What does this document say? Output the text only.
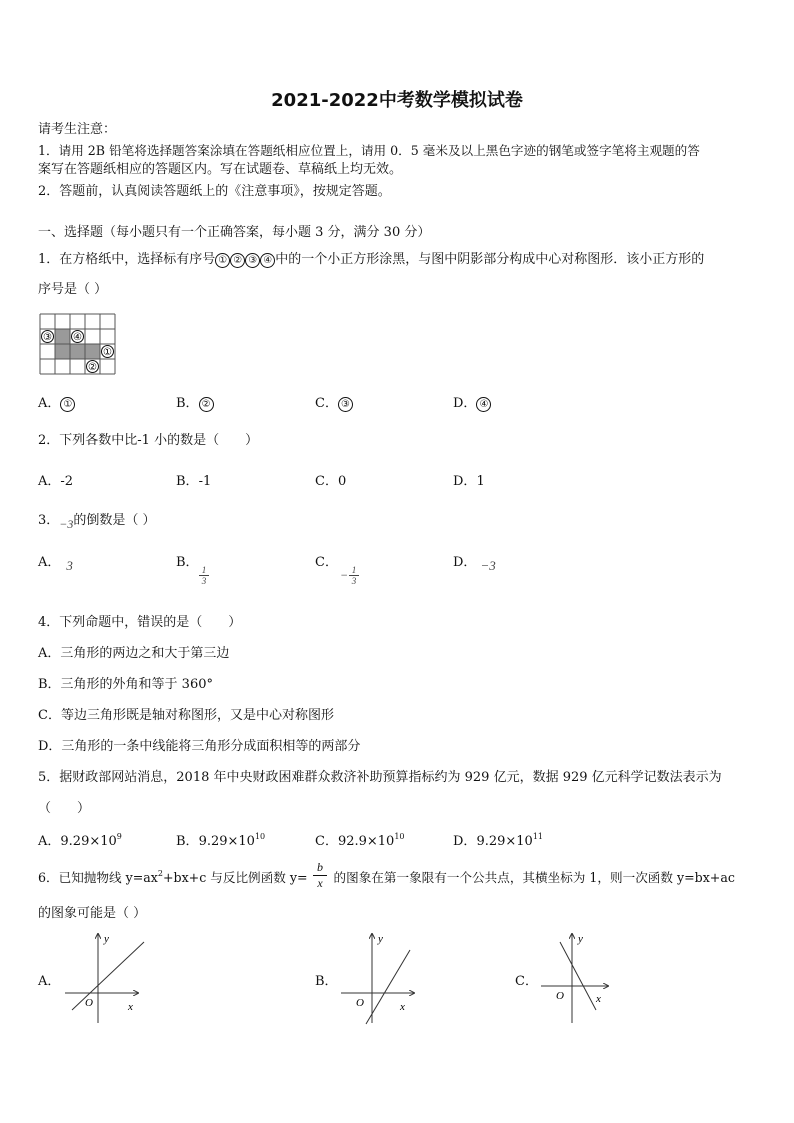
2021-2022中考数学模拟试卷
请考生注意：
1．请用 2B 铅笔将选择题答案涂填在答题纸相应位置上，请用 0．5 毫米及以上黑色字迹的钢笔或签字笔将主观题的答
案写在答题纸相应的答题区内。写在试题卷、草稿纸上均无效。
2．答题前，认真阅读答题纸上的《注意事项》，按规定答题。
一、选择题（每小题只有一个正确答案，每小题 3 分，满分 30 分）
1．在方格纸中，选择标有序号 ① ② ③ ④ 中的一个小正方形涂黑，与图中阴影部分构成中心对称图形．该小正方形的
序号是（ ）
③ ④
①
②
A． ①	B． ②	C． ③	D． ④
2．下列各数中比-1 小的数是（　　）
A．-2	B．-1	C．0	D．1
3．−3的倒数是（ ）
A． 3	B．
$\frac{1}{3}$
C．
− $\frac{1}{3}$
D． −3
4．下列命题中，错误的是（　　）
A．三角形的两边之和大于第三边
B．三角形的外角和等于 360°
C．等边三角形既是轴对称图形，又是中心对称图形
D．三角形的一条中线能将三角形分成面积相等的两部分
5．据财政部网站消息，2018 年中央财政困难群众救济补助预算指标约为 929 亿元，数据 929 亿元科学记数法表示为
（　　）
A．$9.29\times 10^9$	B．$9.29\times 10^{10}$	C．$92.9\times 10^{10}$	D．$9.29\times 10^{11}$
6．已知抛物线 $y=ax^2+bx+c$ 与反比例函数 y= 的图象在第一象限有一个公共点，其横坐标为 1，则一次函数 y=bx+ac
$\frac{b}{x}$
的图象可能是（ ）
A．
y
x
O
B．
y
x
O
C．
y
x
O
